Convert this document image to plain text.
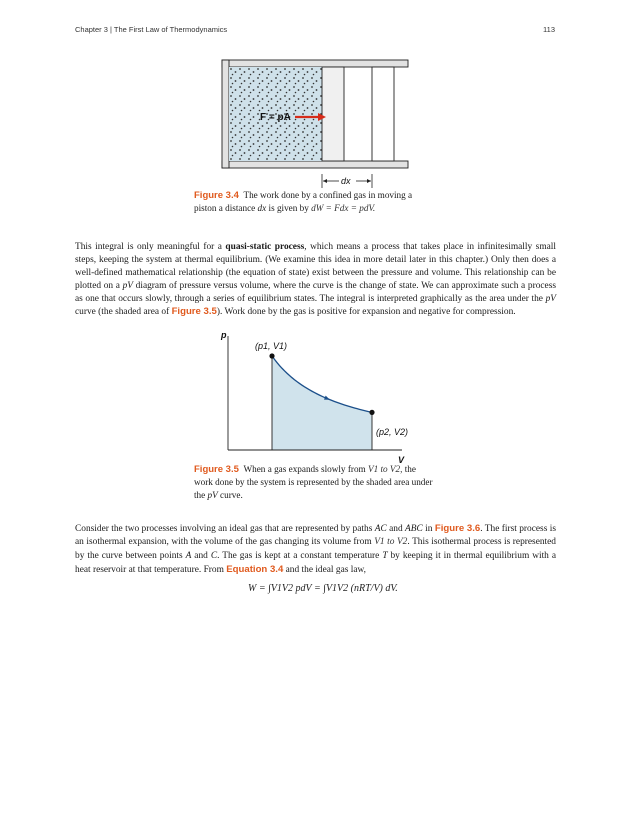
Chapter 3 | The First Law of Thermodynamics	113
F = pA
dx
Figure 3.4 The work done by a confined gas in moving a
piston a distance dx is given by dW = Fdx = pdV.

This integral is only meaningful for a quasi-static process, which means a process that takes place in infinitesimally small steps, keeping the system at thermal equilibrium. (We examine this idea in more detail later in this chapter.) Only then does a well-defined mathematical relationship (the equation of state) exist between the pressure and volume. This relationship can be plotted on a pV diagram of pressure versus volume, where the curve is the change of state. We can approximate such a process as one that occurs slowly, through a series of equilibrium states. The integral is interpreted graphically as the area under the pV curve (the shaded area of Figure 3.5). Work done by the gas is positive for expansion and negative for compression.

p
V
(p1, V1)
(p2, V2)
Figure 3.5 When a gas expands slowly from V1 to V2, the
work done by the system is represented by the shaded area under
the pV curve.

Consider the two processes involving an ideal gas that are represented by paths AC and ABC in Figure 3.6. The first process is an isothermal expansion, with the volume of the gas changing its volume from V1 to V2. This isothermal process is represented by the curve between points A and C. The gas is kept at a constant temperature T by keeping it in thermal equilibrium with a heat reservoir at that temperature. From Equation 3.4 and the ideal gas law,

W = ∫V1V2 pdV = ∫V1V2 (nRT/V) dV.
